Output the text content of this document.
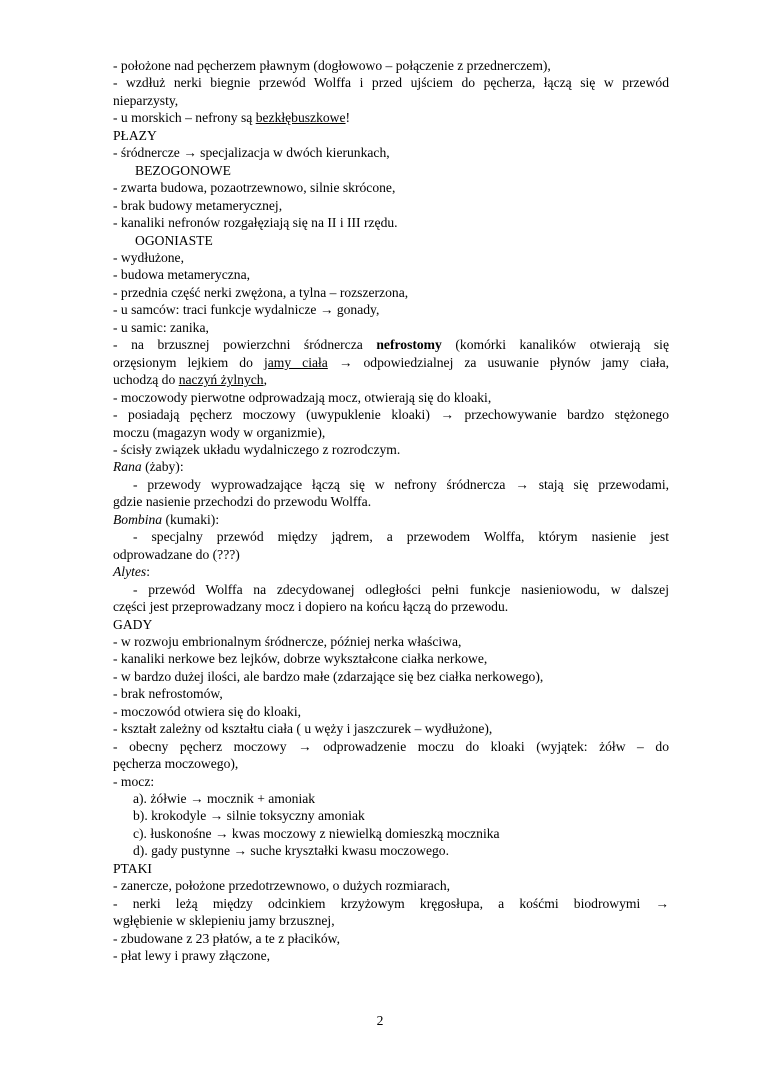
- położone nad pęcherzem pławnym (dogłowowo – połączenie z przednerczem),
- wzdłuż nerki biegnie przewód Wolffa i przed ujściem do pęcherza, łączą się w przewód
nieparzysty,
- u morskich – nefrony są bezkłębuszkowe!
PŁAZY
- śródnercze → specjalizacja w dwóch kierunkach,
BEZOGONOWE
- zwarta budowa, pozaotrzewnowo, silnie skrócone,
- brak budowy metamerycznej,
- kanaliki nefronów rozgałęziają się na II i III rzędu.
OGONIASTE
- wydłużone,
- budowa metameryczna,
- przednia część nerki zwężona, a tylna – rozszerzona,
- u samców: traci funkcje wydalnicze → gonady,
- u samic: zanika,
- na brzusznej powierzchni śródnercza nefrostomy (komórki kanalików otwierają się
orzęsionym lejkiem do jamy ciała → odpowiedzialnej za usuwanie płynów jamy ciała,
uchodzą do naczyń żylnych,
- moczowody pierwotne odprowadzają mocz, otwierają się do kloaki,
- posiadają pęcherz moczowy (uwypuklenie kloaki) → przechowywanie bardzo stężonego
moczu (magazyn wody w organizmie),
- ścisły związek układu wydalniczego z rozrodczym.
Rana (żaby):
- przewody wyprowadzające łączą się w nefrony śródnercza → stają się przewodami,
gdzie nasienie przechodzi do przewodu Wolffa.
Bombina (kumaki):
- specjalny przewód między jądrem, a przewodem Wolffa, którym nasienie jest
odprowadzane do (???)
Alytes:
- przewód Wolffa na zdecydowanej odległości pełni funkcje nasieniowodu, w dalszej
części jest przeprowadzany mocz i dopiero na końcu łączą do przewodu.
GADY
- w rozwoju embrionalnym śródnercze, później nerka właściwa,
- kanaliki nerkowe bez lejków, dobrze wykształcone ciałka nerkowe,
- w bardzo dużej ilości, ale bardzo małe (zdarzające się bez ciałka nerkowego),
- brak nefrostomów,
- moczowód otwiera się do kloaki,
- kształt zależny od kształtu ciała ( u węży i jaszczurek – wydłużone),
- obecny pęcherz moczowy → odprowadzenie moczu do kloaki (wyjątek: żółw – do
pęcherza moczowego),
- mocz:
a). żółwie → mocznik + amoniak
b). krokodyle → silnie toksyczny amoniak
c). łuskonośne → kwas moczowy z niewielką domieszką mocznika
d). gady pustynne → suche kryształki kwasu moczowego.
PTAKI
- zanercze, położone przedotrzewnowo, o dużych rozmiarach,
- nerki leżą między odcinkiem krzyżowym kręgosłupa, a kośćmi biodrowymi →
wgłębienie w sklepieniu jamy brzusznej,
- zbudowane z 23 płatów, a te z płacików,
- płat lewy i prawy złączone,
2
